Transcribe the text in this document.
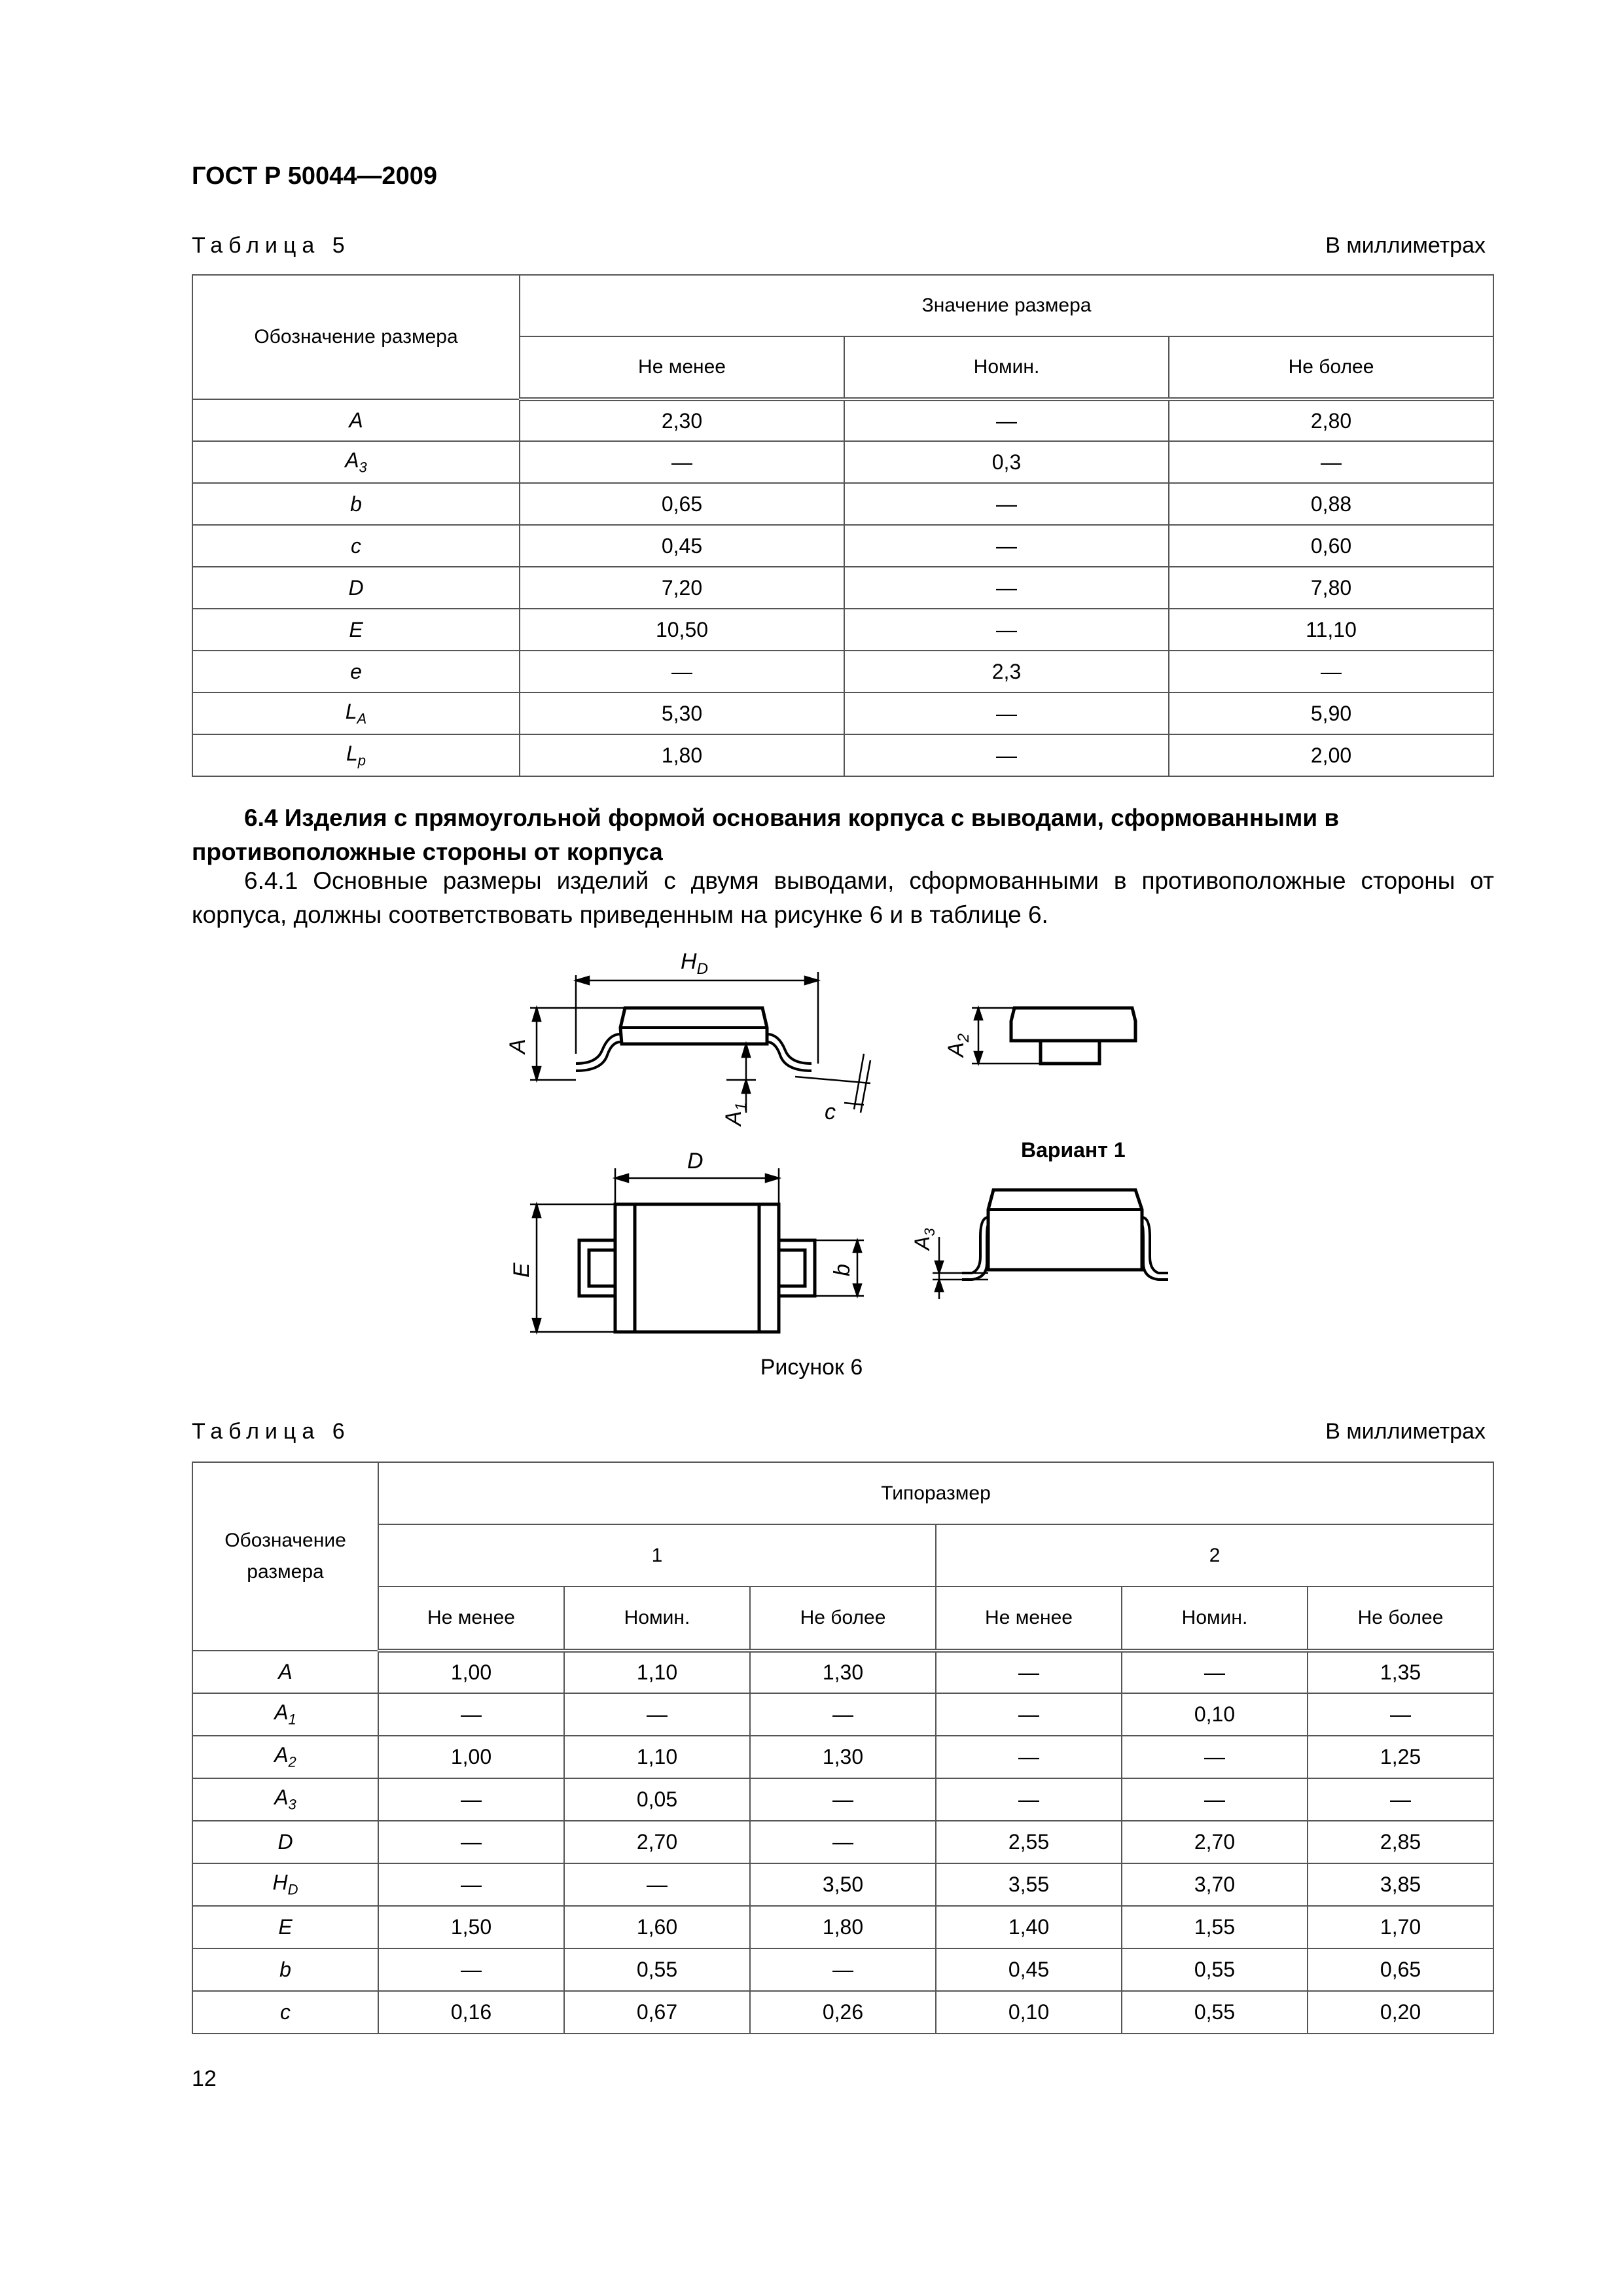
ГОСТ Р 50044—2009
Таблица 5	В миллиметрах
Обозначение размера	Значение размера		
	Не менее	Номин.	Не более
A	2,30	—	2,80
$A_3$	—	0,3	—
b	0,65	—	0,88
c	0,45	—	0,60
D	7,20	—	7,80
E	10,50	—	11,10
e	—	2,3	—
$L_A$	5,30	—	5,90
$L_p$	1,80	—	2,00
6.4 Изделия с прямоугольной формой основания корпуса с выводами, сформованными в противоположные стороны от корпуса
6.4.1 Основные размеры изделий с двумя выводами, сформованными в противоположные стороны от корпуса, должны соответствовать приведенным на рисунке 6 и в таблице 6.
$H_D$
A
$A_1$	c
$A_2$
Вариант 1
D
E	b
$A_3$
Рисунок 6
Таблица 6	В миллиметрах
Обозначение размера	Типоразмер					
	1			2		
	Не менее	Номин.	Не более	Не менее	Номин.	Не более
A	1,00	1,10	1,30	—	—	1,35
$A_1$	—	—	—	—	0,10	—
$A_2$	1,00	1,10	1,30	—	—	1,25
$A_3$	—	0,05	—	—	—	—
D	—	2,70	—	2,55	2,70	2,85
$H_D$	—	—	3,50	3,55	3,70	3,85
E	1,50	1,60	1,80	1,40	1,55	1,70
b	—	0,55	—	0,45	0,55	0,65
c	0,16	0,67	0,26	0,10	0,55	0,20
12
